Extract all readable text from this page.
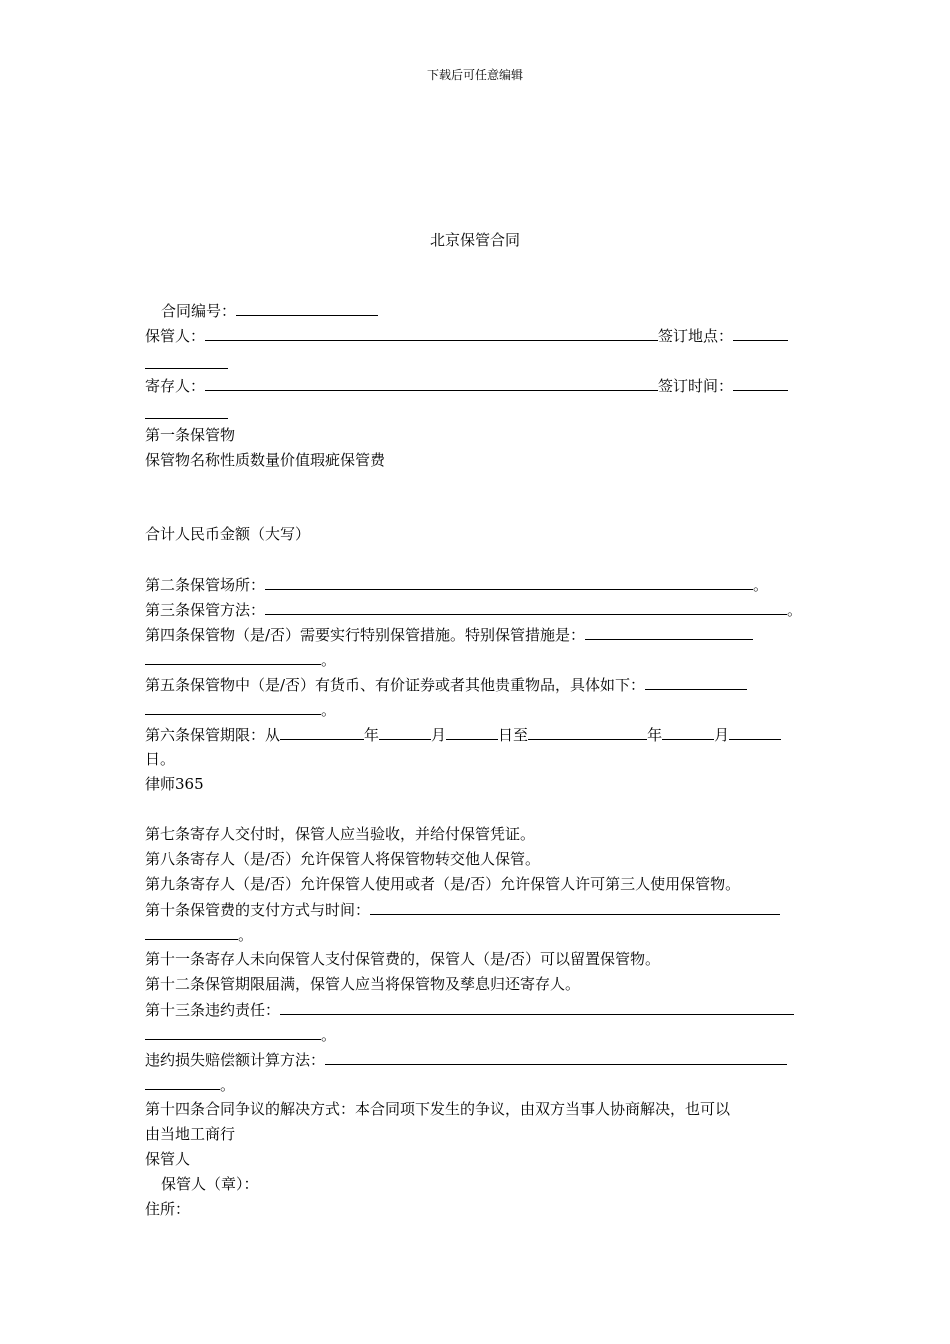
下载后可任意编辑
北京保管合同
合同编号：
保管人：	签订地点：
寄存人：	签订时间：
第一条保管物
保管物名称性质数量价值瑕疵保管费
合计人民币金额（大写）
第二条保管场所：	。
第三条保管方法：	。
第四条保管物（是/否）需要实行特别保管措施。特别保管措施是：
。
第五条保管物中（是/否）有货币、有价证券或者其他贵重物品，具体如下：
。
第六条保管期限：从	年	月	日至	年	月
日。
律师365
第七条寄存人交付时，保管人应当验收，并给付保管凭证。
第八条寄存人（是/否）允许保管人将保管物转交他人保管。
第九条寄存人（是/否）允许保管人使用或者（是/否）允许保管人许可第三人使用保管物。
第十条保管费的支付方式与时间：
。
第十一条寄存人未向保管人支付保管费的，保管人（是/否）可以留置保管物。
第十二条保管期限届满，保管人应当将保管物及孳息归还寄存人。
第十三条违约责任：
。
违约损失赔偿额计算方法：
。
第十四条合同争议的解决方式：本合同项下发生的争议，由双方当事人协商解决，也可以
由当地工商行
保管人
保管人（章）：
住所：
